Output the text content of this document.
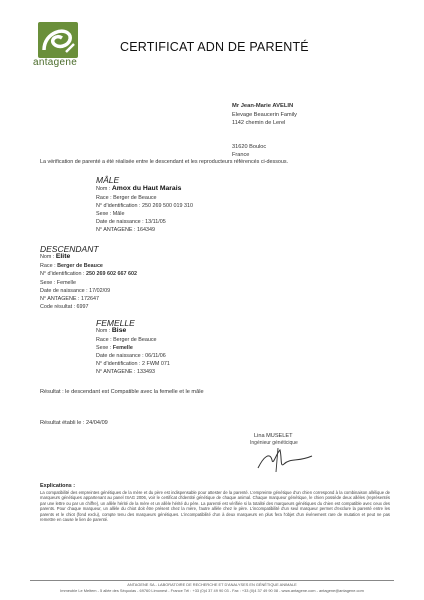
antagene
CERTIFICAT ADN DE PARENTÉ
Mr Jean-Marie AVELIN
Elevage Beaucerin Family
1142 chemin de Lerel
31620 Bouloc
France
La vérification de parenté a été réalisée entre le descendant et les reproducteurs référencés ci-dessous.
MÂLE
Nom : Amox du Haut Marais
Race : Berger de Beauce
N° d'identification : 250 269 500 019 310
Sexe : Mâle
Date de naissance : 13/11/05
N° ANTAGENE : 164349
DESCENDANT
Nom : Elite
Race : Berger de Beauce
N° d'identification : 250 269 602 667 602
Sexe : Femelle
Date de naissance : 17/02/09
N° ANTAGENE : 172647
Code résultat : 6997
FEMELLE
Nom : Bise
Race : Berger de Beauce
Sexe : Femelle
Date de naissance : 06/11/06
N° d'identification : 2 FWM 071
N° ANTAGENE : 133493
Résultat : le descendant est Compatible avec la femelle et le mâle
Résultat établi le : 24/04/09
Lina MUSELET
Ingénieur généticique
Explications :
La compatibilité des empreintes génétiques de la mère et du père est indispensable pour attester de la parenté. L'empreinte génétique d'un chien correspond à la combinaison allélique de marqueurs génétiques appartenant au panel ISAG 2006, voir le certificat d'identité génétique de chaque animal. Chaque marqueur génétique, le chien possède deux allèles (représentés par une lettre ou par un chiffre), un allèle hérité de la mère et un allèle hérité du père. La parenté est vérifiée si la totalité des marqueurs génétiques du chien est compatible avec ceux des parents. Pour chaque marqueur, un allèle du chiot doit être présent chez la mère, l'autre allèle chez le père. L'incompatibilité d'un seul marqueur permet d'exclure la parenté entre les parents et le chiot (fond exclu), compte tenu des marqueurs génétiques. L'incompatibilité d'un à deux marqueurs en plus fera l'objet d'un événement rare de mutation et peut ne pas remettre en cause le lien de parenté.
ANTAGENE SA - LABORATOIRE DE RECHERCHE ET D'ANALYSES EN GÉNÉTIQUE ANIMALE
Immeuble Le Meltem - 5 allée des Séquoias - 69760 Limonest - France Tél : +33 (0)4 37 49 90 03 - Fax : +33 (0)4 37 49 90 08 - www.antagene.com - antagene@antagene.com
